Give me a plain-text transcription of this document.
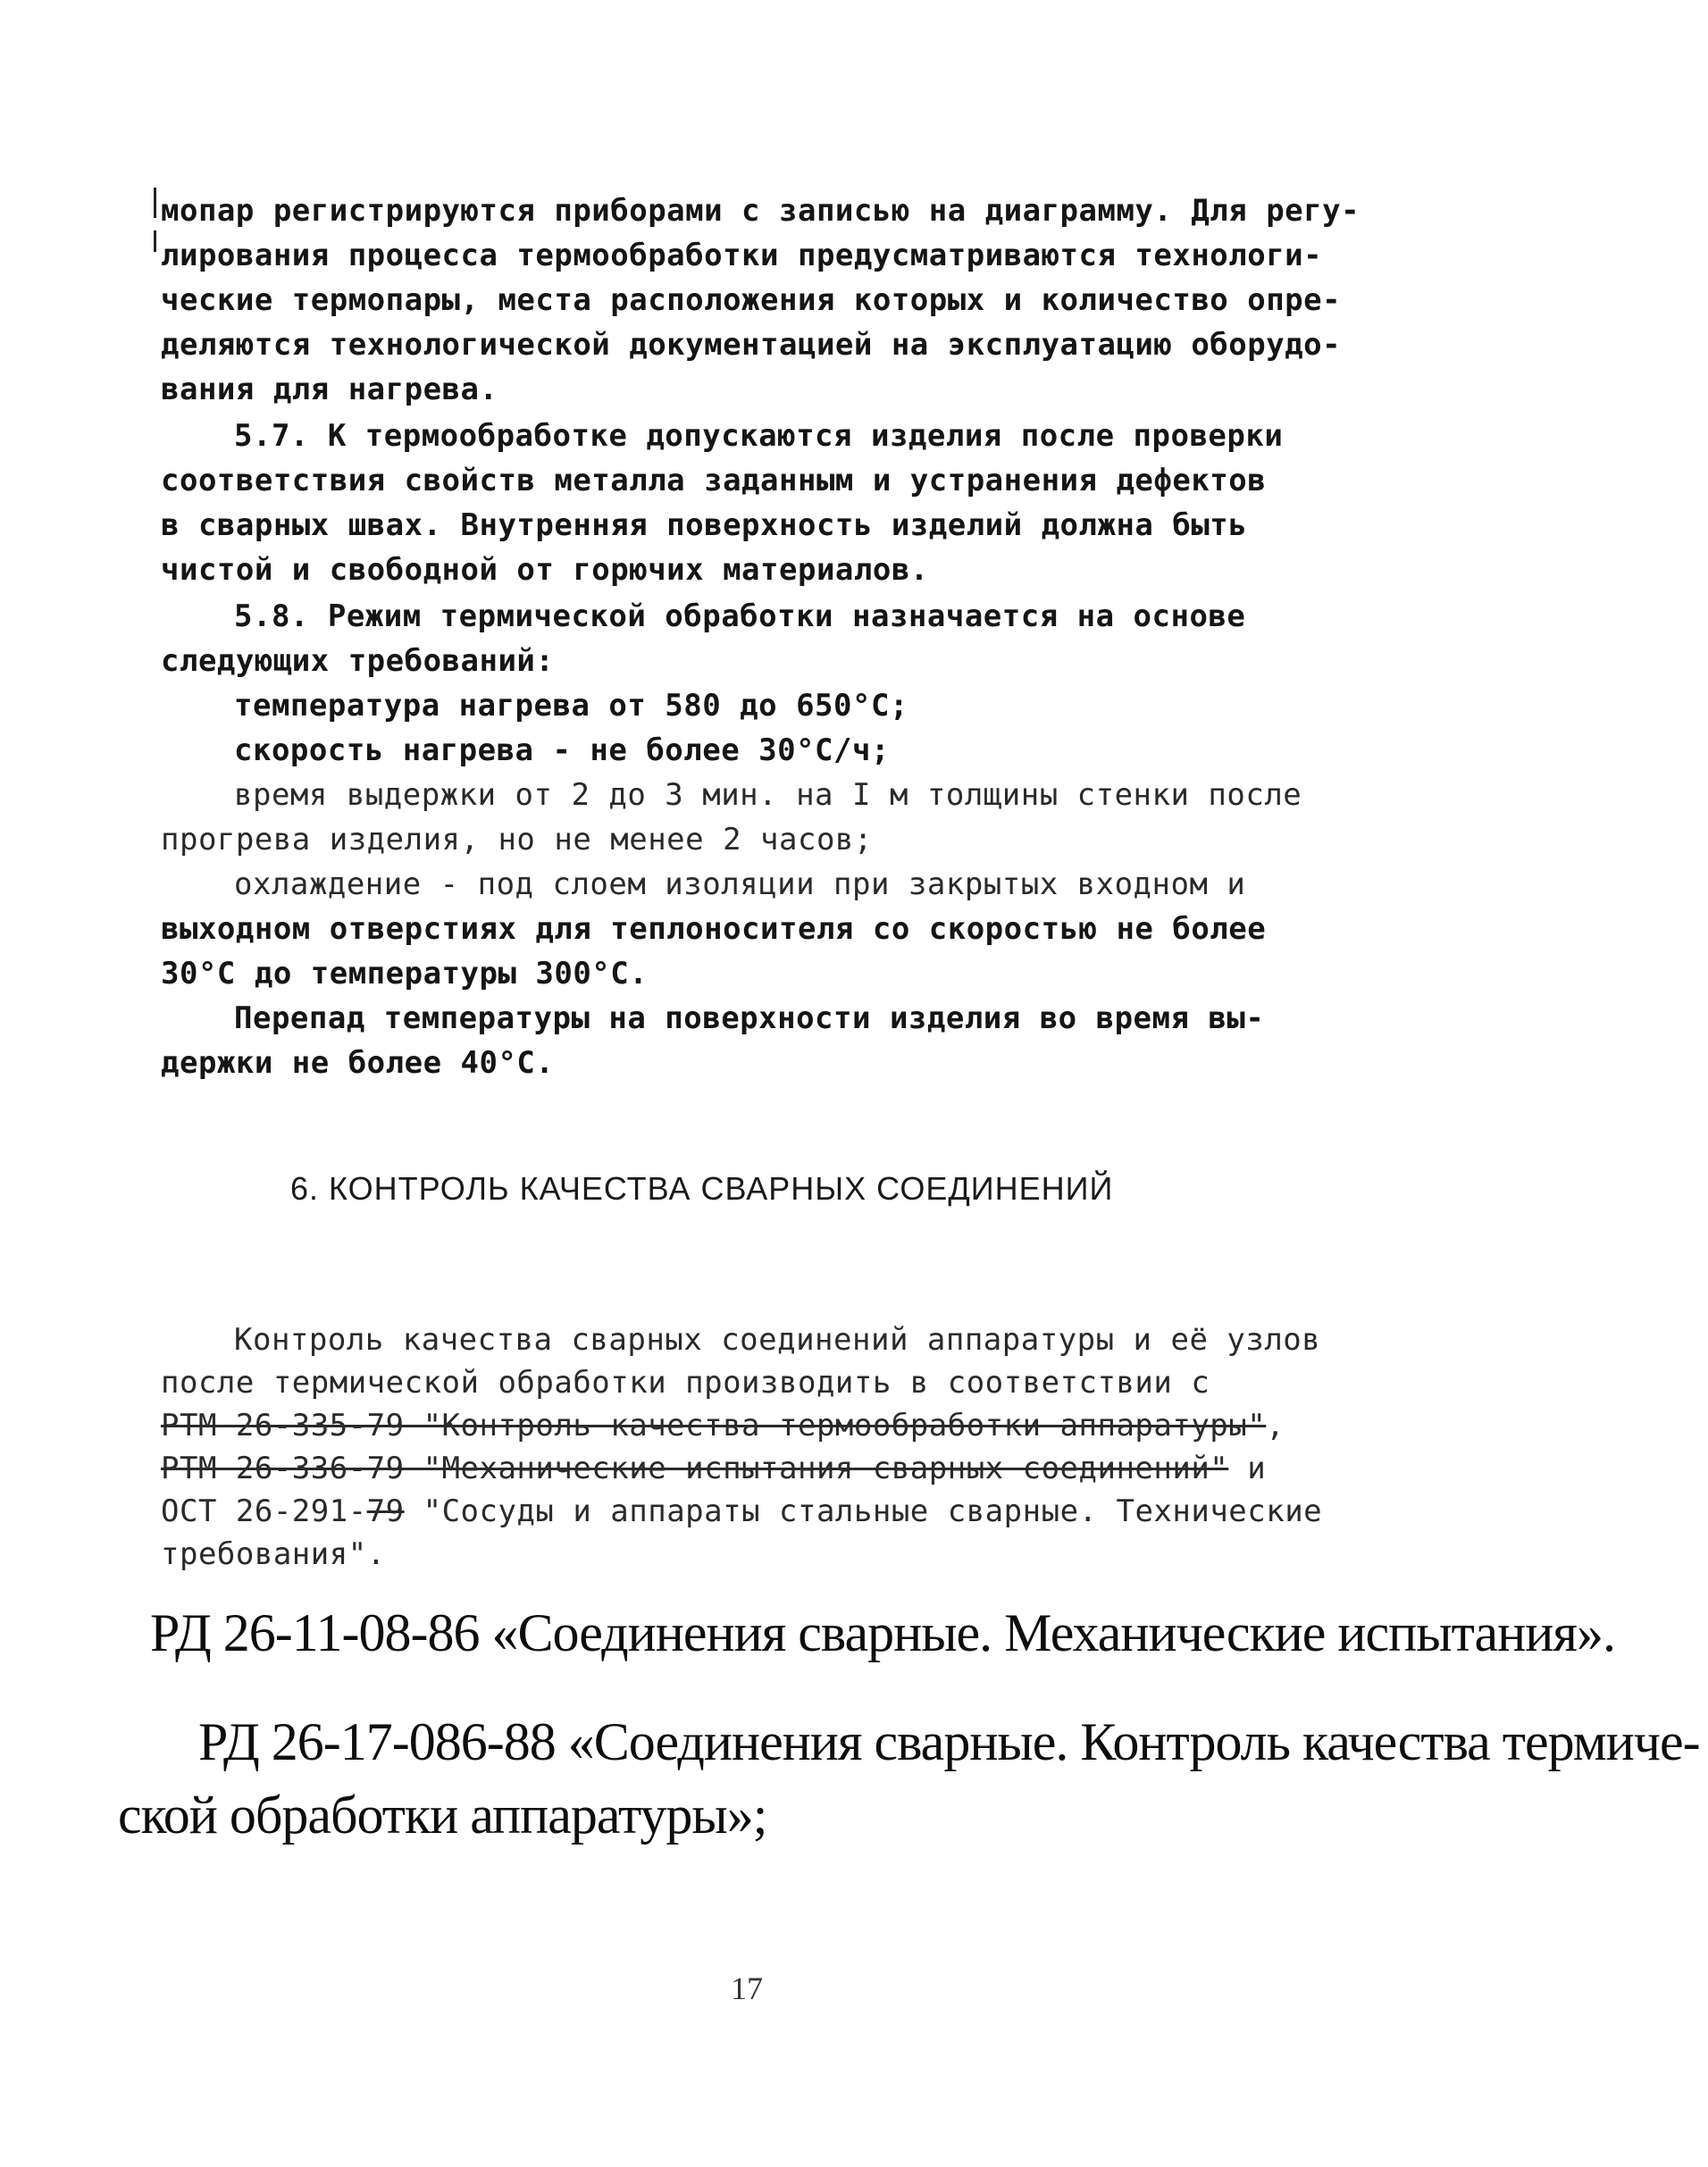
мопар регистрируются приборами с записью на диаграмму. Для регу-
лирования процесса термообработки предусматриваются технологи-
ческие термопары, места расположения которых и количество опре-
деляются технологической документацией на эксплуатацию оборудо-
вания для нагрева.
5.7. К термообработке допускаются изделия после проверки
соответствия свойств металла заданным и устранения дефектов
в сварных швах. Внутренняя поверхность изделий должна быть
чистой и свободной от горючих материалов.
5.8. Режим термической обработки назначается на основе
следующих требований:
температура нагрева от 580 до 650°С;
скорость нагрева - не более 30°С/ч;
время выдержки от 2 до 3 мин. на I м толщины стенки после
прогрева изделия, но не менее 2 часов;
охлаждение - под слоем изоляции при закрытых входном и
выходном отверстиях для теплоносителя со скоростью не более
30°С до температуры 300°С.
Перепад температуры на поверхности изделия во время вы-
держки не более 40°С.
6. КОНТРОЛЬ КАЧЕСТВА СВАРНЫХ СОЕДИНЕНИЙ
Контроль качества сварных соединений аппаратуры и её узлов
после термической обработки производить в соответствии с
РТМ 26-335-79 "Контроль качества термообработки аппаратуры",
РТМ 26-336-79 "Механические испытания сварных соединений" и
ОСТ 26-291-79 "Сосуды и аппараты стальные сварные. Технические
требования".
РД 26-11-08-86 «Соединения сварные. Механические испытания».
РД 26-17-086-88 «Соединения сварные. Контроль качества термиче-
ской обработки аппаратуры»;
17
